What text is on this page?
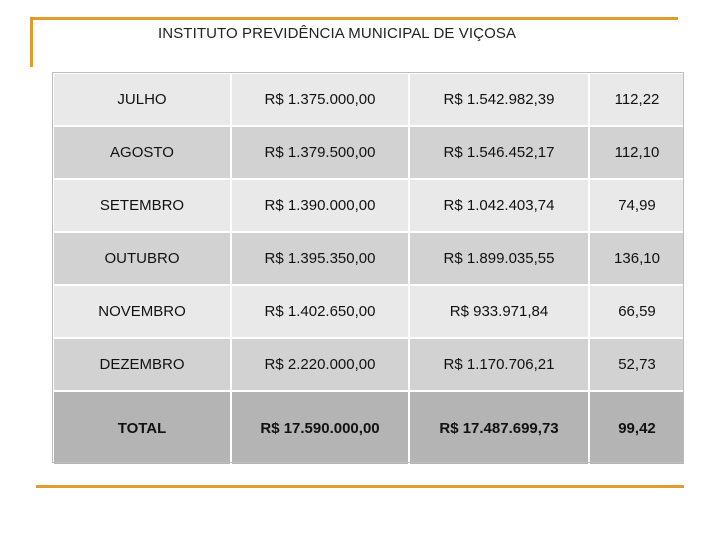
INSTITUTO PREVIDÊNCIA MUNICIPAL DE VIÇOSA
JULHO	R$ 1.375.000,00	R$ 1.542.982,39	112,22
AGOSTO	R$ 1.379.500,00	R$ 1.546.452,17	112,10
SETEMBRO	R$ 1.390.000,00	R$ 1.042.403,74	74,99
OUTUBRO	R$ 1.395.350,00	R$ 1.899.035,55	136,10
NOVEMBRO	R$ 1.402.650,00	R$ 933.971,84	66,59
DEZEMBRO	R$ 2.220.000,00	R$ 1.170.706,21	52,73
TOTAL	R$ 17.590.000,00	R$ 17.487.699,73	99,42
